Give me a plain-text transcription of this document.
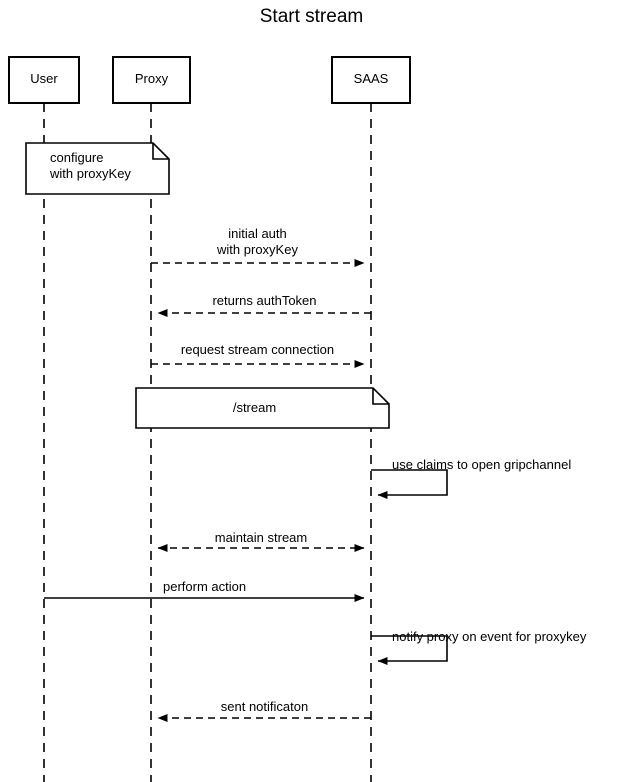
Start stream
User	Proxy	SAAS
configure
with proxyKey
/stream
initial auth
with proxyKey
returns authToken
request stream connection
use claims to open gripchannel
maintain stream
perform action
notify proxy on event for proxykey
sent notificaton
